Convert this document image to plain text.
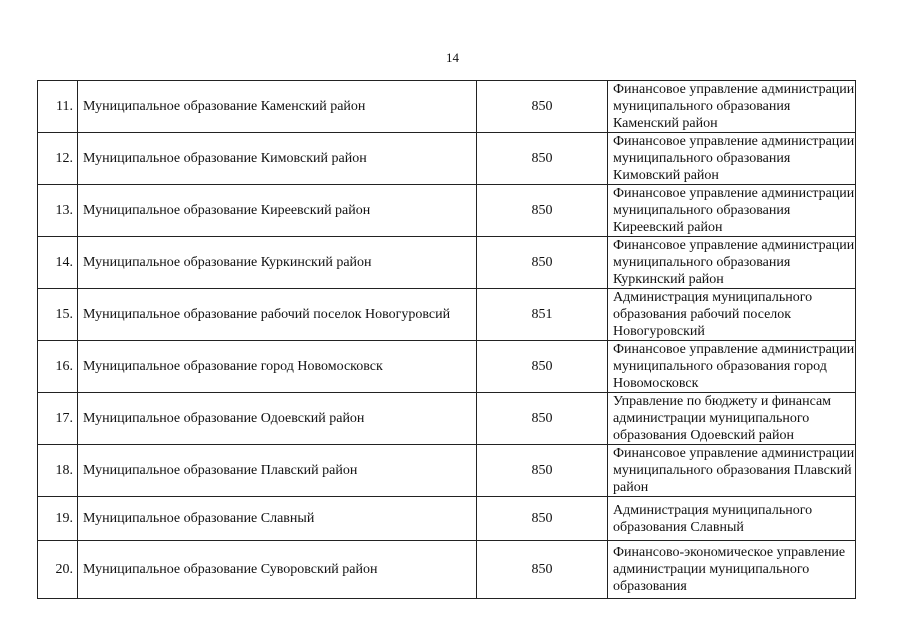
14
11.	Муниципальное образование Каменский район	850	Финансовое управление администрации муниципального образования Каменский район
12.	Муниципальное образование Кимовский район	850	Финансовое управление администрации муниципального образования Кимовский район
13.	Муниципальное образование Киреевский район	850	Финансовое управление администрации муниципального образования Киреевский район
14.	Муниципальное образование Куркинский район	850	Финансовое управление администрации муниципального образования Куркинский район
15.	Муниципальное образование рабочий поселок Новогуровсий	851	Администрация муниципального образования рабочий поселок Новогуровский
16.	Муниципальное образование город Новомосковск	850	Финансовое управление администрации муниципального образования город Новомосковск
17.	Муниципальное образование Одоевский район	850	Управление по бюджету и финансам администрации муниципального образования Одоевский район
18.	Муниципальное образование Плавский район	850	Финансовое управление администрации муниципального образования Плавский район
19.	Муниципальное образование Славный	850	Администрация муниципального образования Славный
20.	Муниципальное образование Суворовский район	850	Финансово-экономическое управление администрации муниципального образования
